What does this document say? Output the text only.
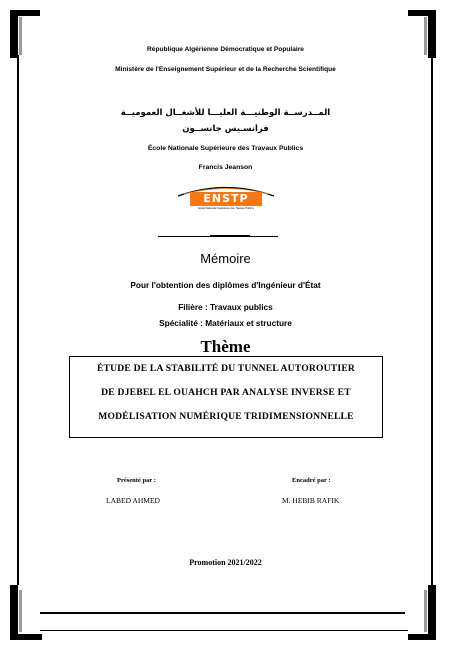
République Algérienne Démocratique et Populaire
Ministère de l'Enseignement Supérieur et de la Recherche Scientifique
المــدرســة الوطنيـــة العليـــا للأشغــال العموميــة
فرانسـيس جانســون
École Nationale Supérieure des Travaux Publics
Francis Jeanson
ENSTP
École Nationale Supérieure des Travaux Publics
Mémoire
Pour l'obtention des diplômes d'Ingénieur d'État
Filière : Travaux publics
Spécialité : Matériaux et structure
Thème
ÉTUDE DE LA STABILITÉ DU TUNNEL AUTOROUTIER
DE DJEBEL EL OUAHCH PAR ANALYSE INVERSE ET
MODÉLISATION NUMÉRIQUE TRIDIMENSIONNELLE
Présenté par :
LABED AHMED
Encadré par :
M. HEBIB RAFIK
Promotion 2021/2022
